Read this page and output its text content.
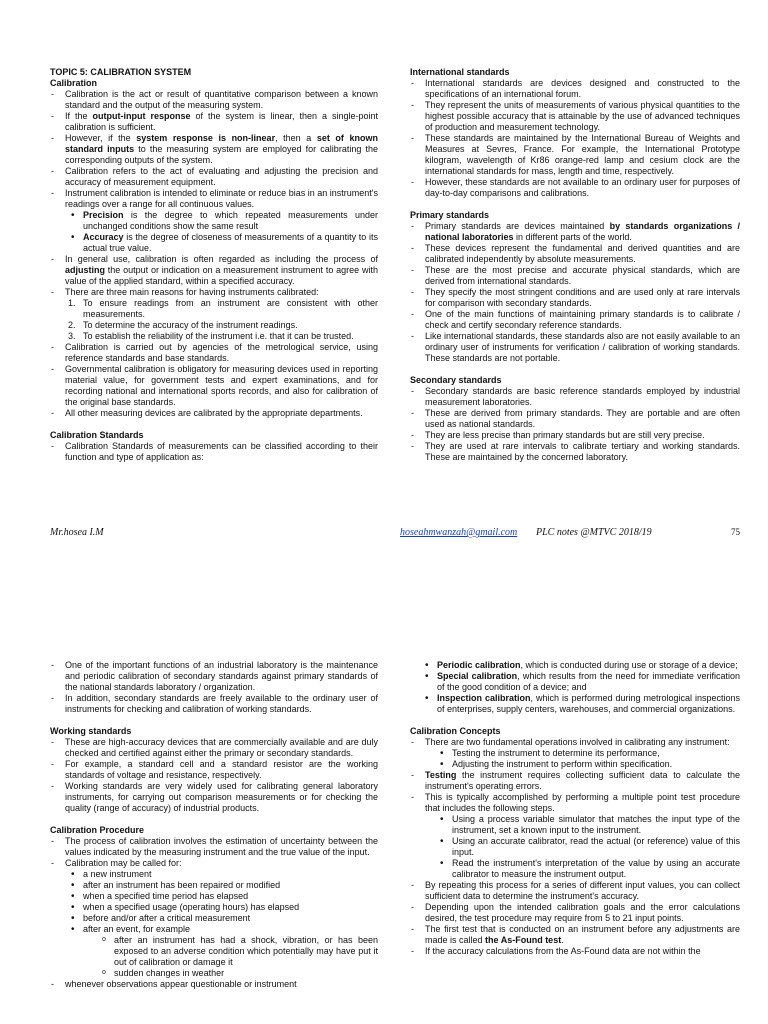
TOPIC 5: CALIBRATION SYSTEM
Calibration
- Calibration is the act or result of quantitative comparison between a known standard and the output of the measuring system.
- If the output-input response of the system is linear, then a single-point calibration is sufficient.
- However, if the system response is non-linear, then a set of known standard inputs to the measuring system are employed for calibrating the corresponding outputs of the system.
- Calibration refers to the act of evaluating and adjusting the precision and accuracy of measurement equipment.
- Instrument calibration is intended to eliminate or reduce bias in an instrument's readings over a range for all continuous values.
• Precision is the degree to which repeated measurements under unchanged conditions show the same result
• Accuracy is the degree of closeness of measurements of a quantity to its actual true value.
- In general use, calibration is often regarded as including the process of adjusting the output or indication on a measurement instrument to agree with value of the applied standard, within a specified accuracy.
- There are three main reasons for having instruments calibrated:
1. To ensure readings from an instrument are consistent with other measurements.
2. To determine the accuracy of the instrument readings.
3. To establish the reliability of the instrument i.e. that it can be trusted.
- Calibration is carried out by agencies of the metrological service, using reference standards and base standards.
- Governmental calibration is obligatory for measuring devices used in reporting material value, for government tests and expert examinations, and for recording national and international sports records, and also for calibration of the original base standards.
- All other measuring devices are calibrated by the appropriate departments.
Calibration Standards
- Calibration Standards of measurements can be classified according to their function and type of application as:
International standards
- International standards are devices designed and constructed to the specifications of an international forum.
- They represent the units of measurements of various physical quantities to the highest possible accuracy that is attainable by the use of advanced techniques of production and measurement technology.
- These standards are maintained by the International Bureau of Weights and Measures at Sevres, France. For example, the International Prototype kilogram, wavelength of Kr86 orange-red lamp and cesium clock are the international standards for mass, length and time, respectively.
- However, these standards are not available to an ordinary user for purposes of day-to-day comparisons and calibrations.
Primary standards
- Primary standards are devices maintained by standards organizations / national laboratories in different parts of the world.
- These devices represent the fundamental and derived quantities and are calibrated independently by absolute measurements.
- These are the most precise and accurate physical standards, which are derived from international standards.
- They specify the most stringent conditions and are used only at rare intervals for comparison with secondary standards.
- One of the main functions of maintaining primary standards is to calibrate / check and certify secondary reference standards.
- Like international standards, these standards also are not easily available to an ordinary user of instruments for verification / calibration of working standards. These standards are not portable.
Secondary standards
- Secondary standards are basic reference standards employed by industrial measurement laboratories.
- These are derived from primary standards. They are portable and are often used as national standards.
- They are less precise than primary standards but are still very precise.
- They are used at rare intervals to calibrate tertiary and working standards. These are maintained by the concerned laboratory.
Mr.hosea I.M	hoseahmwanzah@gmail.com PLC notes @MTVC 2018/19	75
- One of the important functions of an industrial laboratory is the maintenance and periodic calibration of secondary standards against primary standards of the national standards laboratory / organization.
- In addition, secondary standards are freely available to the ordinary user of instruments for checking and calibration of working standards.
Working standards
- These are high-accuracy devices that are commercially available and are duly checked and certified against either the primary or secondary standards.
- For example, a standard cell and a standard resistor are the working standards of voltage and resistance, respectively.
- Working standards are very widely used for calibrating general laboratory instruments, for carrying out comparison measurements or for checking the quality (range of accuracy) of industrial products.
Calibration Procedure
- The process of calibration involves the estimation of uncertainty between the values indicated by the measuring instrument and the true value of the input.
- Calibration may be called for:
• a new instrument
• after an instrument has been repaired or modified
• when a specified time period has elapsed
• when a specified usage (operating hours) has elapsed
• before and/or after a critical measurement
• after an event, for example
o after an instrument has had a shock, vibration, or has been exposed to an adverse condition which potentially may have put it out of calibration or damage it
o sudden changes in weather
- whenever observations appear questionable or instrument
• Periodic calibration, which is conducted during use or storage of a device;
• Special calibration, which results from the need for immediate verification of the good condition of a device; and
• Inspection calibration, which is performed during metrological inspections of enterprises, supply centers, warehouses, and commercial organizations.
Calibration Concepts
- There are two fundamental operations involved in calibrating any instrument:
• Testing the instrument to determine its performance,
• Adjusting the instrument to perform within specification.
- Testing the instrument requires collecting sufficient data to calculate the instrument's operating errors.
- This is typically accomplished by performing a multiple point test procedure that includes the following steps.
• Using a process variable simulator that matches the input type of the instrument, set a known input to the instrument.
• Using an accurate calibrator, read the actual (or reference) value of this input.
• Read the instrument's interpretation of the value by using an accurate calibrator to measure the instrument output.
- By repeating this process for a series of different input values, you can collect sufficient data to determine the instrument's accuracy.
- Depending upon the intended calibration goals and the error calculations desired, the test procedure may require from 5 to 21 input points.
- The first test that is conducted on an instrument before any adjustments are made is called the As-Found test.
- If the accuracy calculations from the As-Found data are not within the
